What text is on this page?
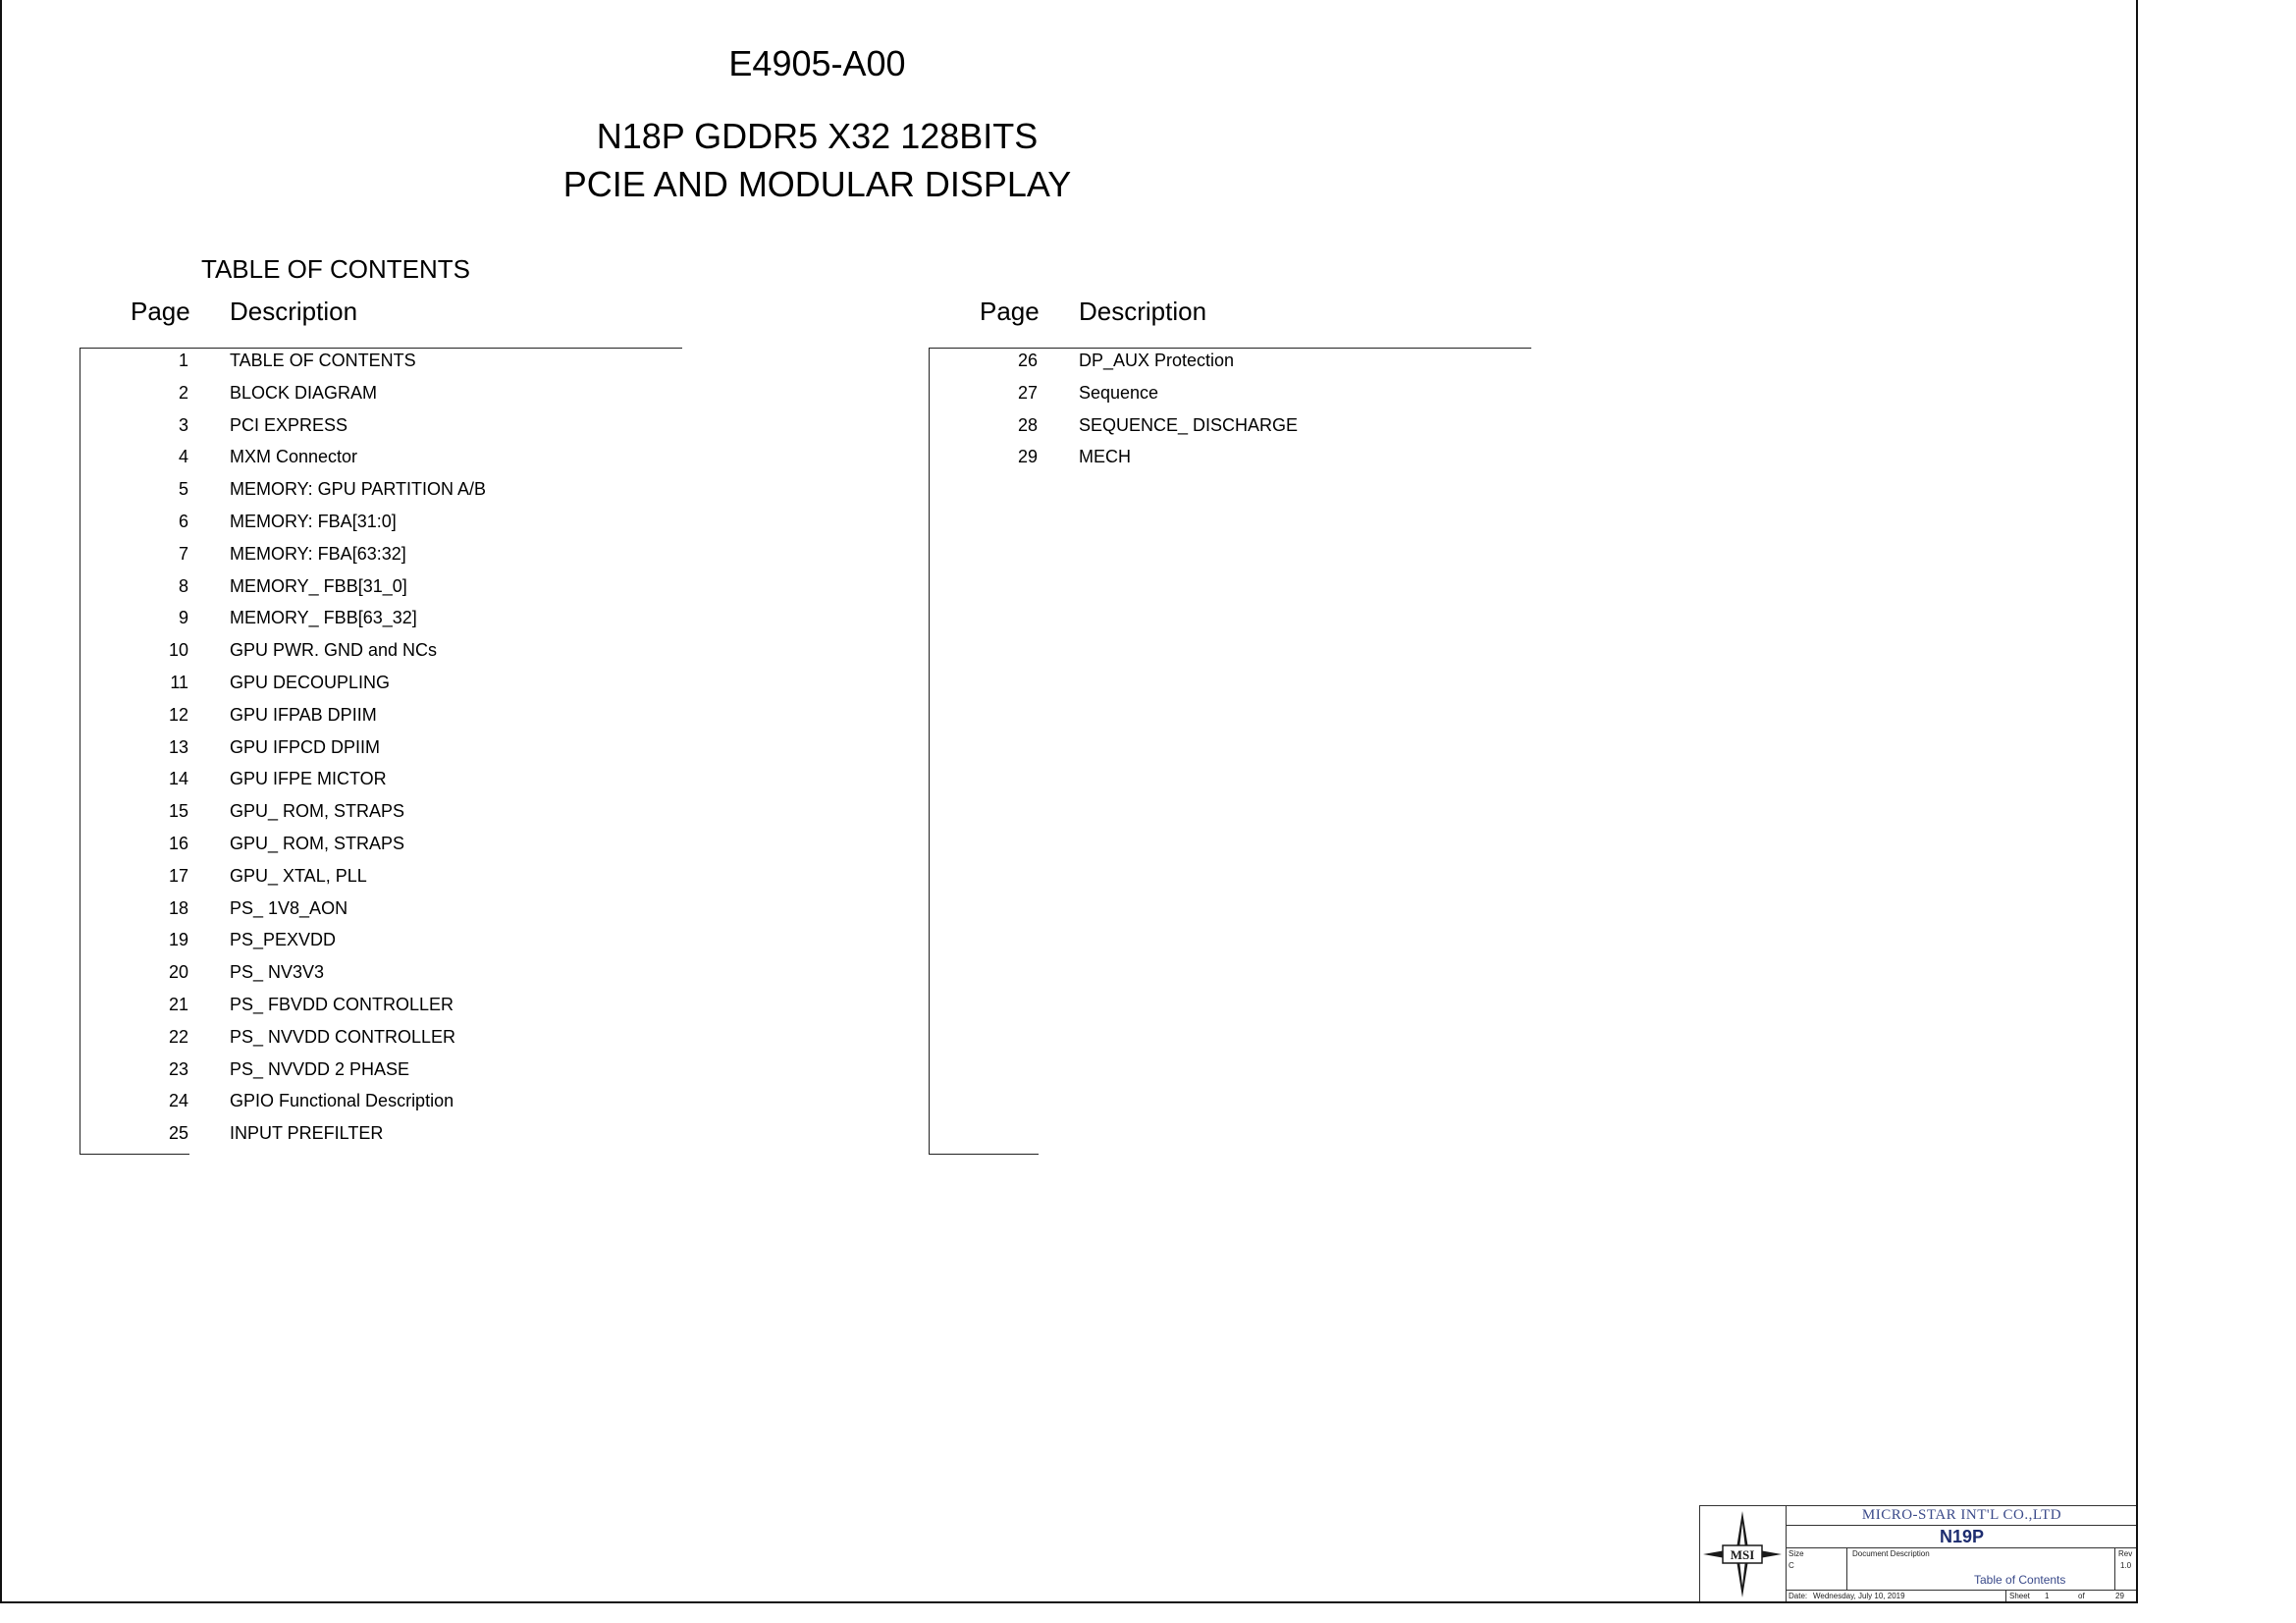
E4905-A00
N18P GDDR5 X32 128BITS
PCIE AND MODULAR DISPLAY
TABLE OF CONTENTS
Page Description	Page Description
1 TABLE OF CONTENTS
2 BLOCK DIAGRAM
3 PCI EXPRESS
4 MXM Connector
5 MEMORY: GPU PARTITION A/B
6 MEMORY: FBA[31:0]
7 MEMORY: FBA[63:32]
8 MEMORY_ FBB[31_0]
9 MEMORY_ FBB[63_32]
10 GPU PWR. GND and NCs
11 GPU DECOUPLING
12 GPU IFPAB DPIIM
13 GPU IFPCD DPIIM
14 GPU IFPE MICTOR
15 GPU_ ROM, STRAPS
16 GPU_ ROM, STRAPS
17 GPU_ XTAL, PLL
18 PS_ 1V8_AON
19 PS_PEXVDD
20 PS_ NV3V3
21 PS_ FBVDD CONTROLLER
22 PS_ NVVDD CONTROLLER
23 PS_ NVVDD 2 PHASE
24 GPIO Functional Description
25 INPUT PREFILTER
26 DP_AUX Protection
27 Sequence
28 SEQUENCE_ DISCHARGE
29 MECH
MSI
MICRO-STAR INT'L CO.,LTD
N19P
Size
C
Document Description
Table of Contents
Rev
1.0
Date: Wednesday, July 10, 2019	Sheet 1	of	29
